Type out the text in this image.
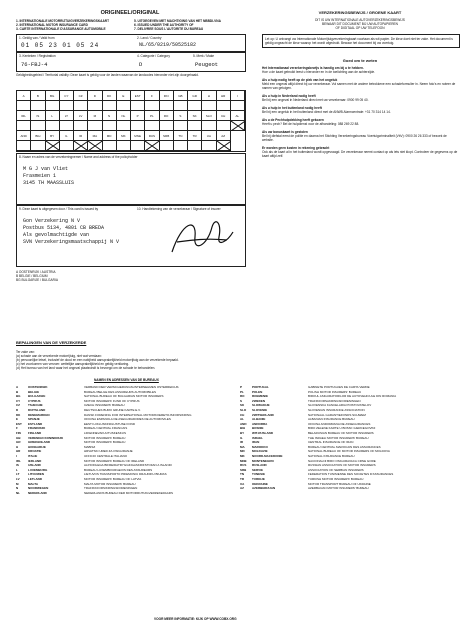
ORIGINEEL/ORIGINAL
1. INTERNATIONALE MOTORRIJTUIGVERZEKERINGSKAART
2. INTERNATIONAL MOTOR INSURANCE CARD
3. CARTE INTERNATIONALE D'ASSURANCE AUTOMOBILE
5. UITGEGEVEN MET MACHTIGING VAN HET NBBDI-VNA
6. ISSUED UNDER THE AUTHORITY OF
7. DELIVREE SOUS L'AUTORITE DU BUREAU
1. Geldig van / Valid from	2. Land / Country
01 05 23 01 05 24	NL/65/0219/50525182
3. Kenteken / Registration
76-FBJ-4
4. Categorie / Category
D
5. Merk / Make
Peugeot
Geldigheidsgebied / Territorial validity: Deze kaart is geldig voor de landen waarvan de landcodes hieronder niet zijn doorgehaald.
A	B	BG	CY	CZ	D	DK	E	EST	F	FIN	GB	GR	H	HR	I
IRL	IS	L	LT	LV	M	N	NL	P	PL	RO	S	SK	SLO	CH	AL
AND	BIH	BY	IL	IR	MA	MD	MK	MNE	RUS	SRB	TN	TR	UA	AZ
8. Naam en adres van de verzekeringnemer / Name and address of the policyholder
M G J van Vliet
Frasmeien 1
3145 TH MAASSLUIS
9. Deze kaart is uitgegeven door / This card is issued by	10. Handtekening van de verzekeraar / Signature of insurer
Gon Verzekering N V
Postbus 5134, 4801 CB BREDA
Als gevolmachtigde van
SVN Verzekeringsmaatschappij N V
A OOSTENRIJK / AUSTRIA
B BELGIE / BELGIUM
BG BULGARIJE / BULGARIA
VERZEKERINGSBEWIJS / GROENE KAART
DIT IS UW INTERNATIONALE AUTOVERZEKERINGSBEWIJS
BEWAAR DIT DOCUMENT BIJ UW AUTOPAPIEREN
OF DIGITAAL OP UW TELEFOON
Let op: U ontvangt uw Internationale Motorrijtuigverzekeringkaart voortaan als wit papier. De kleur doet niet ter zake. Het document is geldig ongeacht de kleur waarop het wordt afgedrukt. Bewaar het document bij uw voertuig.
Goed om te weten
Het Internationaal verzekeringsbewijs is handig om bij u te hebben.
Hoe u de kaart gebruikt leest u hieronder en in de toelichting aan de achterzijde.
Als u hulp nodig heeft op de plek van het ongeluk
Meld een ongeval altijd direct bij uw verzekeraar. Vul samen met de andere betrokkene een schadeformulier in. Neem foto's en noteer de namen van getuigen.
Als u hulp in Nederland nodig heeft
Bel bij een ongeval in Nederland direct met uw verzekeraar: 0900 99 05 40.
Als u hulp in het buitenland nodig heeft
Bel bij een ongeluk in het buitenland direct met de ANWB Alarmcentrale: +31 70 314 14 14.
Als u de Pechhulpdekking heeft gekozen
Heeft u pech? Bel de hulpdienst voor de afhandeling: 088 269 22 88.
Als uw bonuskaart is gestolen
Bel bij diefstal eerst de politie en daarna het Stichting Verzekeringsbureau Voertuigcriminaliteit (VbV): 0900 26 26 333 of bezoek de website.
Er worden geen kosten in rekening gebracht
Ook als de kaart al in het buitenland wordt opgevraagd. De verzekeraar neemt contact op als iets niet klopt. Controleer de gegevens op de kaart altijd zelf.
BEPALINGEN VAN DE VERZEKERDE
Ter zake van:
(a) schade aan de verzekerde motorrijtuig, niet wat verstaan:
(b) persoonlijke letsel, inclusief de dood en een nabijheid aansprakelijkheid motorrijtuig aan de verzekerde bepaald.
(c) het voorkomen van vervoer: wettelijke aansprakelijkheid en geldig verklaring.
(d) Het bureau van het land waar het ongeval plaatsvindt is bevoegd om de schade te behandelen.
NAMEN EN ADRESSEN VAN DE BUREAUX
A	OOSTENRIJK	VERBAND DER VERSICHERUNGSUNTERNEHMEN OSTERREICHS
B	BELGIE	BUREAU BELGE DES ASSUREURS AUTOMOBILES
BG	BULGARIJE	NATIONAL BUREAU OF BULGARIAN MOTOR INSURERS
CY	CYPRUS	MOTOR INSURERS' FUND OF CYPRUS
CZ	TSJECHIE	CZECH INSURERS' BUREAU
D	DUITSLAND	DEUTSCHES BURO GRUNE KARTE E.V.
DK	DENEMARKEN	DANSK FORENING FOR INTERNATIONAL MOTORKOERETOJSFORSIKRING
E	SPANJE	OFICINA ESPANOLA DE ASEGURADORES DE AUTOMOVILES
EST	ESTLAND	EESTI LIIKLUSKINDLUSTUSE FOND
F	FRANKRIJK	BUREAU CENTRAL FRANCAIS
FIN	FINLAND	LIIKENNEVAKUUTUSKESKUS
GB	VERENIGD KONINKRIJK	MOTOR INSURERS' BUREAU
GR	GRIEKENLAND	MOTOR INSURERS' BUREAU
H	HONGARIJE	MABISZ
HR	KROATIE	HRVATSKI URED ZA OSIGURANJE
I	ITALIE	UFFICIO CENTRALE ITALIANO
IRL	IERLAND	MOTOR INSURERS' BUREAU OF IRELAND
IS	IJSLAND	ALPJODLEGA BIFREIDATRYGGINGASKRIFSTOFAN A ISLANDI
L	LUXEMBURG	BUREAU LUXEMBOURGEOIS DES ASSUREURS
LT	LITOUWEN	LIETUVOS TRANSPORTO PRIEMONIU DRAUDIKU BIURAS
LV	LETLAND	MOTOR INSURERS' BUREAU OF LATVIA
M	MALTA	MALTA MOTOR INSURERS' BUREAU
N	NOORWEGEN	TRAFIKKFORSIKRINGSFORENINGEN
NL	NEDERLAND	NEDERLANDS BUREAU DER MOTORRIJTUIGVERZEKERAARS
P	PORTUGAL	GABINETE PORTUGUES DE CARTA VERDE
PL	POLEN	POLISH MOTOR INSURERS' BUREAU
RO	ROEMENIE	BIROUL ASIGURATORILOR DE AUTOVEHICULE DIN ROMANIA
S	ZWEDEN	TRAFIKFORSAKRINGSFORENINGEN
SK	SLOWAKIJE	SLOVENSKA KANCELARIA POISTOVATELOV
SLO	SLOVENIE	SLOVENIAN INSURANCE ASSOCIATION
CH	ZWITSERLAND	NATIONAAL GARANTIEFONDS SCHWEIZ
AL	ALBANIE	ALBANIAN INSURANCE BUREAU
AND	ANDORRA	OFICINA ANDORRANA DE ASSEGURANCES
BIH	BOSNIE	BIRO ZELENE KARTE U BOSNI I HERCEGOVINI
BY	WIT-RUSLAND	BELARUSIAN BUREAU OF MOTOR INSURERS
IL	ISRAEL	THE ISRAELI MOTOR INSURERS' BUREAU
IR	IRAN	CENTRAL INSURANCE OF IRAN
MA	MAROKKO	BUREAU CENTRAL MAROCAIN DES ASSURANCES
MD	MOLDAVIE	NATIONAL BUREAU OF MOTOR INSURERS OF MOLDOVA
MK	NOORD-MACEDONIE	NATIONAL INSURANCE BUREAU
MNE	MONTENEGRO	NACIONALNI BIRO OSIGURAVACA CRNE GORE
RUS	RUSLAND	RUSSIAN ASSOCIATION OF MOTOR INSURERS
SRB	SERVIE	ASSOCIATION OF SERBIAN INSURERS
TN	TUNESIE	FEDERATION TUNISIENNE DES SOCIETES D'ASSURANCES
TR	TURKIJE	TURKISH MOTOR INSURERS' BUREAU
UA	OEKRAINE	MOTOR TRANSPORT BUREAU OF UKRAINE
AZ	AZERBEIDZJAN	AZERBAIJAN MOTOR INSURERS' BUREAU
VOOR MEER INFORMATIE: KIJK OP WWW.COBX.ORG
